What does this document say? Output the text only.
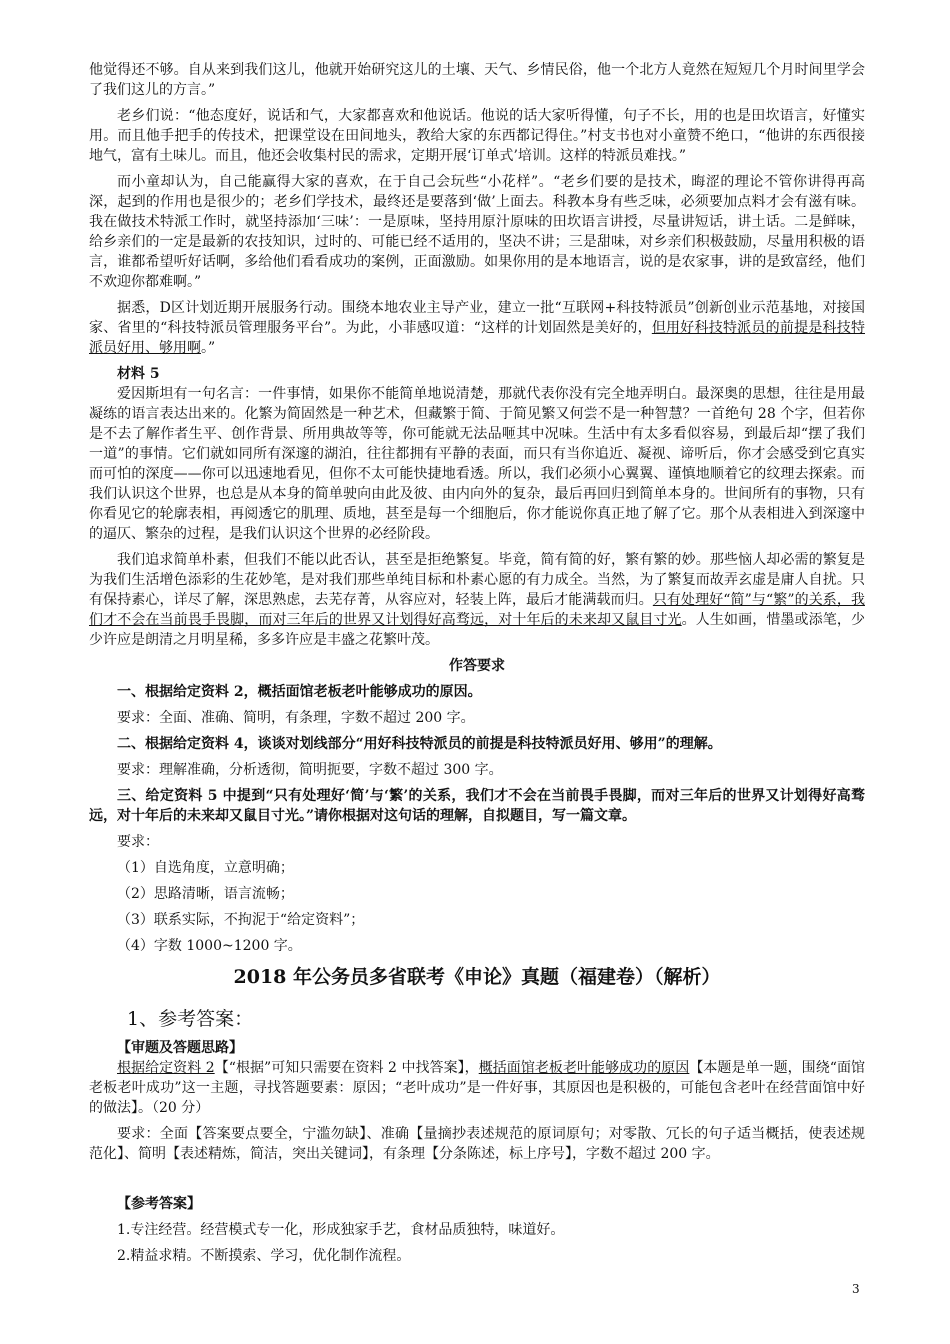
他觉得还不够。自从来到我们这儿，他就开始研究这儿的土壤、天气、乡情民俗，他一个北方人竟然在短短几个月时间里学会了我们这儿的方言。”

老乡们说：“他态度好，说话和气，大家都喜欢和他说话。他说的话大家听得懂，句子不长，用的也是田坎语言，好懂实用。而且他手把手的传技术，把课堂设在田间地头，教给大家的东西都记得住。”村支书也对小童赞不绝口，“他讲的东西很接地气，富有土味儿。而且，他还会收集村民的需求，定期开展‘订单式’培训。这样的特派员难找。”

而小童却认为，自己能赢得大家的喜欢，在于自己会玩些“小花样”。“老乡们要的是技术，晦涩的理论不管你讲得再高深，起到的作用也是很少的；老乡们学技术，最终还是要落到‘做’上面去。科教本身有些乏味，必须要加点料才会有滋有味。我在做技术特派工作时，就坚持添加‘三味’：一是原味，坚持用原汁原味的田坎语言讲授，尽量讲短话，讲土话。二是鲜味，给乡亲们的一定是最新的农技知识，过时的、可能已经不适用的，坚决不讲；三是甜味，对乡亲们积极鼓励，尽量用积极的语言，谁都希望听好话啊，多给他们看看成功的案例，正面激励。如果你用的是本地语言，说的是农家事，讲的是致富经，他们不欢迎你都难啊。”

据悉，D区计划近期开展服务行动。围绕本地农业主导产业，建立一批“互联网+科技特派员”创新创业示范基地，对接国家、省里的“科技特派员管理服务平台”。为此，小菲感叹道：“这样的计划固然是美好的，但用好科技特派员的前提是科技特派员好用、够用啊。”

材料 5

爱因斯坦有一句名言：一件事情，如果你不能简单地说清楚，那就代表你没有完全地弄明白。最深奥的思想，往往是用最凝练的语言表达出来的。化繁为简固然是一种艺术，但藏繁于简、于简见繁又何尝不是一种智慧？一首绝句 28 个字，但若你是不去了解作者生平、创作背景、所用典故等等，你可能就无法品咂其中况味。生活中有太多看似容易，到最后却“摆了我们一道”的事情。它们就如同所有深邃的湖泊，往往都拥有平静的表面，而只有当你追近、凝视、谛听后，你才会感受到它真实而可怕的深度——你可以迅速地看见，但你不太可能快捷地看透。所以，我们必须小心翼翼、谨慎地顺着它的纹理去探索。而我们认识这个世界，也总是从本身的简单驶向由此及彼、由内向外的复杂，最后再回归到简单本身的。世间所有的事物，只有你看见它的轮廓表相，再阅透它的肌理、质地，甚至是每一个细胞后，你才能说你真正地了解了它。那个从表相进入到深邃中的逼仄、繁杂的过程，是我们认识这个世界的必经阶段。

我们追求简单朴素，但我们不能以此否认，甚至是拒绝繁复。毕竟，简有简的好，繁有繁的妙。那些恼人却必需的繁复是为我们生活增色添彩的生花妙笔，是对我们那些单纯目标和朴素心愿的有力成全。当然，为了繁复而故弄玄虚是庸人自扰。只有保持素心，详尽了解，深思熟虑，去芜存菁，从容应对，轻装上阵，最后才能满载而归。只有处理好“简”与“繁”的关系，我们才不会在当前畏手畏脚，而对三年后的世界又计划得好高骛远，对十年后的未来却又鼠目寸光。人生如画，惜墨或添笔，少少许应是朗清之月明星稀，多多许应是丰盛之花繁叶茂。

作答要求

一、根据给定资料 2，概括面馆老板老叶能够成功的原因。

要求：全面、准确、简明，有条理，字数不超过 200 字。

二、根据给定资料 4，谈谈对划线部分“用好科技特派员的前提是科技特派员好用、够用”的理解。

要求：理解准确，分析透彻，简明扼要，字数不超过 300 字。

三、给定资料 5 中提到“只有处理好‘简’与‘繁’的关系，我们才不会在当前畏手畏脚，而对三年后的世界又计划得好高骛远，对十年后的未来却又鼠目寸光。”请你根据对这句话的理解，自拟题目，写一篇文章。

要求：

（1）自选角度，立意明确；

（2）思路清晰，语言流畅；

（3）联系实际，不拘泥于“给定资料”；

（4）字数 1000~1200 字。

2018 年公务员多省联考《申论》真题（福建卷）（解析）

1、参考答案：

【审题及答题思路】

根据给定资料 2【“根据”可知只需要在资料 2 中找答案】，概括面馆老板老叶能够成功的原因【本题是单一题，围绕“面馆老板老叶成功”这一主题，寻找答题要素：原因；“老叶成功”是一件好事，其原因也是积极的，可能包含老叶在经营面馆中好的做法】。（20 分）

要求：全面【答案要点要全，宁滥勿缺】、准确【量摘抄表述规范的原词原句；对零散、冗长的句子适当概括，使表述规范化】、简明【表述精炼，简洁，突出关键词】，有条理【分条陈述，标上序号】，字数不超过 200 字。

【参考答案】

1.专注经营。经营模式专一化，形成独家手艺，食材品质独特，味道好。

2.精益求精。不断摸索、学习，优化制作流程。

3
